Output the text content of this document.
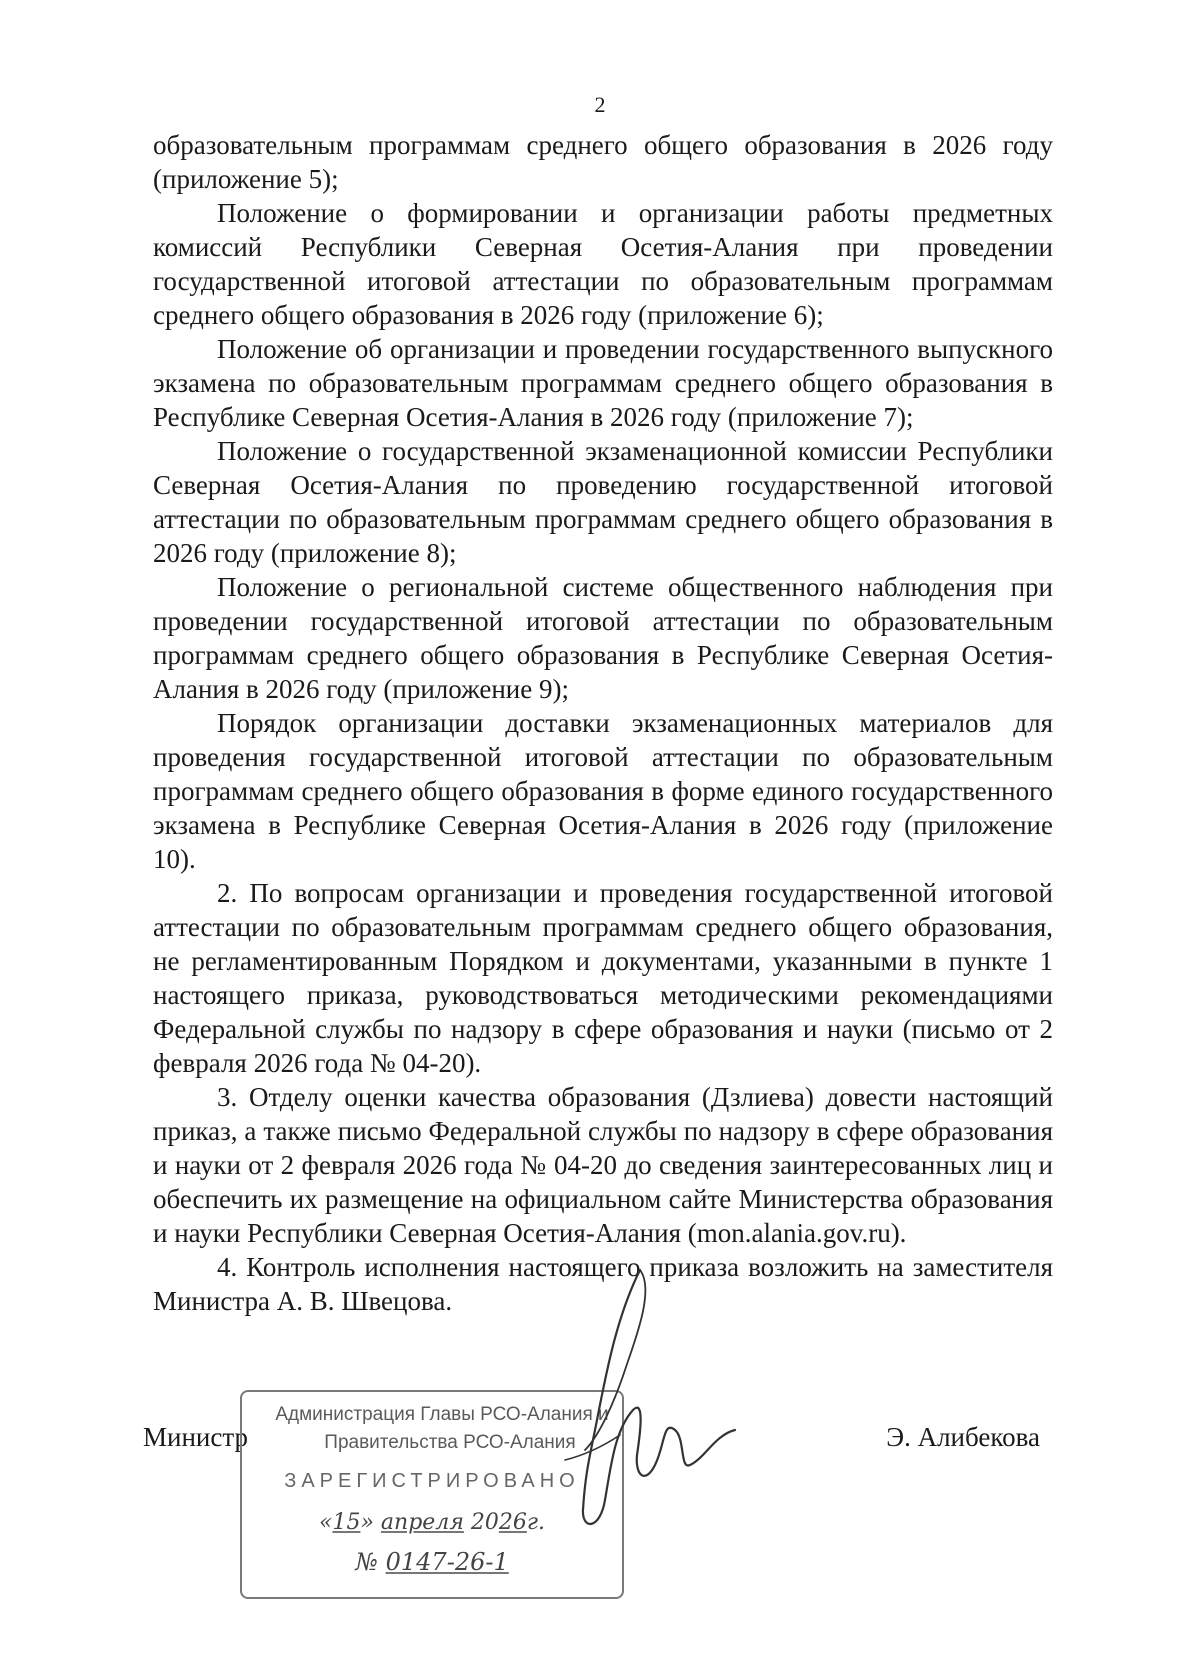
2

образовательным программам среднего общего образования в 2026 году (приложение 5);

Положение о формировании и организации работы предметных комиссий Республики Северная Осетия-Алания при проведении государственной итоговой аттестации по образовательным программам среднего общего образования в 2026 году (приложение 6);

Положение об организации и проведении государственного выпускного экзамена по образовательным программам среднего общего образования в Республике Северная Осетия-Алания в 2026 году (приложение 7);

Положение о государственной экзаменационной комиссии Республики Северная Осетия-Алания по проведению государственной итоговой аттестации по образовательным программам среднего общего образования в 2026 году (приложение 8);

Положение о региональной системе общественного наблюдения при проведении государственной итоговой аттестации по образовательным программам среднего общего образования в Республике Северная Осетия-Алания в 2026 году (приложение 9);

Порядок организации доставки экзаменационных материалов для проведения государственной итоговой аттестации по образовательным программам среднего общего образования в форме единого государственного экзамена в Республике Северная Осетия-Алания в 2026 году (приложение 10).

2. По вопросам организации и проведения государственной итоговой аттестации по образовательным программам среднего общего образования, не регламентированным Порядком и документами, указанными в пункте 1 настоящего приказа, руководствоваться методическими рекомендациями Федеральной службы по надзору в сфере образования и науки (письмо от 2 февраля 2026 года № 04-20).

3. Отделу оценки качества образования (Дзлиева) довести настоящий приказ, а также письмо Федеральной службы по надзору в сфере образования и науки от 2 февраля 2026 года № 04-20 до сведения заинтересованных лиц и обеспечить их размещение на официальном сайте Министерства образования и науки Республики Северная Осетия-Алания (mon.alania.gov.ru).

4. Контроль исполнения настоящего приказа возложить на заместителя Министра А. В. Швецова.

Министр
Администрация Главы РСО-Алания и
Правительства РСО-Алания
ЗАРЕГИСТРИРОВАНО
«15» апреля 2026г.
№ 0147-26-1
Э. Алибекова
